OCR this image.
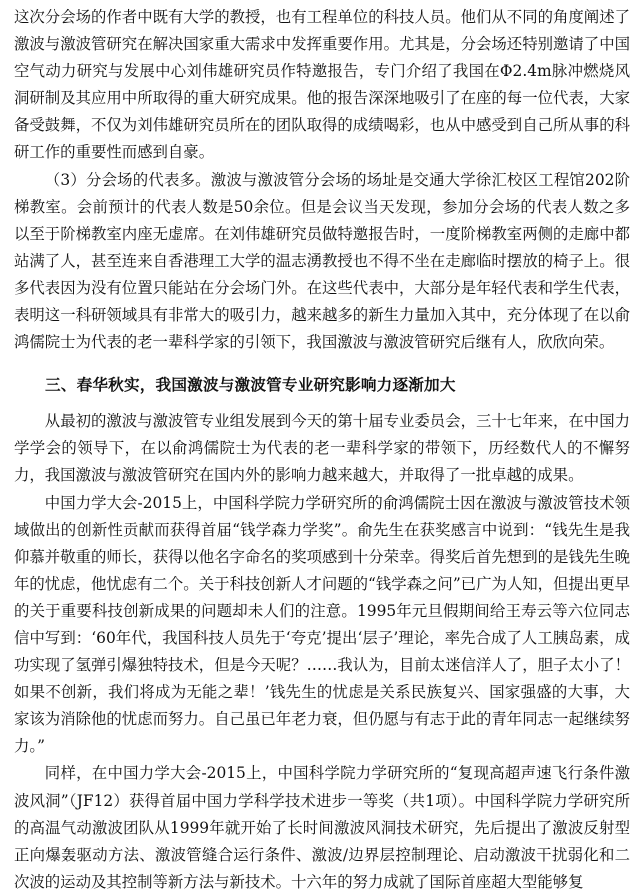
这次分会场的作者中既有大学的教授，也有工程单位的科技人员。他们从不同的角度阐述了激波与激波管研究在解决国家重大需求中发挥重要作用。尤其是，分会场还特别邀请了中国空气动力研究与发展中心刘伟雄研究员作特邀报告，专门介绍了我国在Φ2.4m脉冲燃烧风洞研制及其应用中所取得的重大研究成果。他的报告深深地吸引了在座的每一位代表，大家备受鼓舞，不仅为刘伟雄研究员所在的团队取得的成绩喝彩，也从中感受到自己所从事的科研工作的重要性而感到自豪。

（3）分会场的代表多。激波与激波管分会场的场址是交通大学徐汇校区工程馆202阶梯教室。会前预计的代表人数是50余位。但是会议当天发现，参加分会场的代表人数之多以至于阶梯教室内座无虚席。在刘伟雄研究员做特邀报告时，一度阶梯教室两侧的走廊中都站满了人，甚至连来自香港理工大学的温志湧教授也不得不坐在走廊临时摆放的椅子上。很多代表因为没有位置只能站在分会场门外。在这些代表中，大部分是年轻代表和学生代表，表明这一科研领域具有非常大的吸引力，越来越多的新生力量加入其中，充分体现了在以俞鸿儒院士为代表的老一辈科学家的引领下，我国激波与激波管研究后继有人，欣欣向荣。

三、春华秋实，我国激波与激波管专业研究影响力逐渐加大

从最初的激波与激波管专业组发展到今天的第十届专业委员会，三十七年来，在中国力学学会的领导下，在以俞鸿儒院士为代表的老一辈科学家的带领下，历经数代人的不懈努力，我国激波与激波管研究在国内外的影响力越来越大，并取得了一批卓越的成果。

中国力学大会-2015上，中国科学院力学研究所的俞鸿儒院士因在激波与激波管技术领域做出的创新性贡献而获得首届“钱学森力学奖”。俞先生在获奖感言中说到：“钱先生是我仰慕并敬重的师长，获得以他名字命名的奖项感到十分荣幸。得奖后首先想到的是钱先生晚年的忧虑，他忧虑有二个。关于科技创新人才问题的“钱学森之问”已广为人知，但提出更早的关于重要科技创新成果的问题却未人们的注意。1995年元旦假期间给王寿云等六位同志信中写到：‘60年代，我国科技人员先于‘夸克’提出‘层子’理论，率先合成了人工胰岛素，成功实现了氢弹引爆独特技术，但是今天呢？……我认为，目前太迷信洋人了，胆子太小了！如果不创新，我们将成为无能之辈！’钱先生的忧虑是关系民族复兴、国家强盛的大事，大家该为消除他的忧虑而努力。自己虽已年老力衰，但仍愿与有志于此的青年同志一起继续努力。”

同样，在中国力学大会-2015上，中国科学院力学研究所的“复现高超声速飞行条件激波风洞”（JF12）获得首届中国力学科学技术进步一等奖（共1项）。中国科学院力学研究所的高温气动激波团队从1999年就开始了长时间激波风洞技术研究，先后提出了激波反射型正向爆轰驱动方法、激波管缝合运行条件、激波/边界层控制理论、启动激波干扰弱化和二次波的运动及其控制等新方法与新技术。十六年的努力成就了国际首座超大型能够复
